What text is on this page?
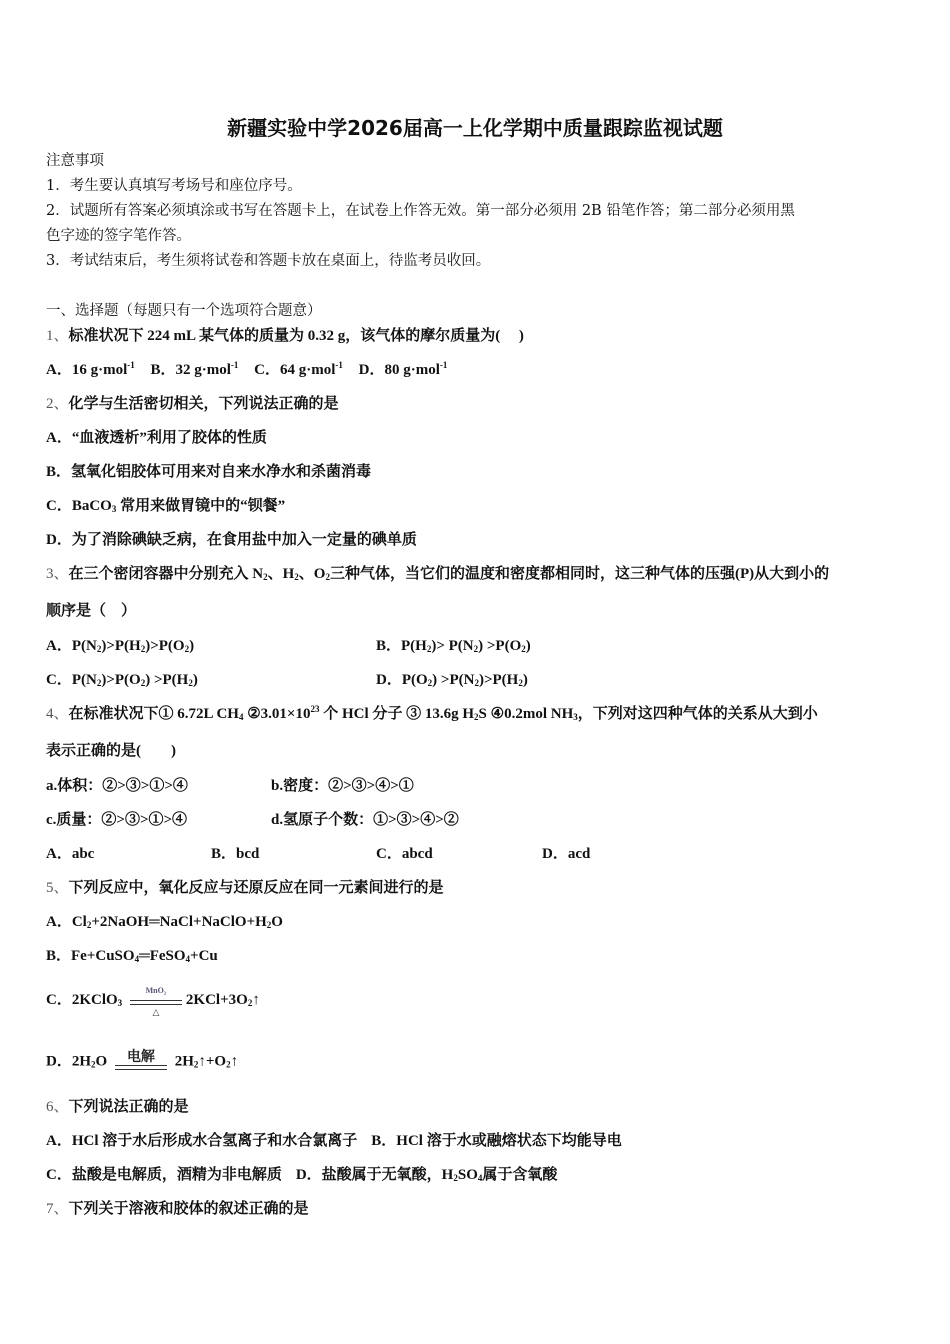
新疆实验中学2026届高一上化学期中质量跟踪监视试题
注意事项
1．考生要认真填写考场号和座位序号。
2．试题所有答案必须填涂或书写在答题卡上，在试卷上作答无效。第一部分必须用 2B 铅笔作答；第二部分必须用黑
色字迹的签字笔作答。
3．考试结束后，考生须将试卷和答题卡放在桌面上，待监考员收回。
一、选择题（每题只有一个选项符合题意）
1、标准状况下 224 mL 某气体的质量为 0.32 g，该气体的摩尔质量为(　 )
A．16 g·mol$^{-1}$ B．32 g·mol$^{-1}$ C．64 g·mol$^{-1}$ D．80 g·mol$^{-1}$
2、化学与生活密切相关，下列说法正确的是
A．“血液透析”利用了胶体的性质
B．氢氧化铝胶体可用来对自来水净水和杀菌消毒
C．BaCO$_3$ 常用来做胃镜中的“钡餐”
D．为了消除碘缺乏病，在食用盐中加入一定量的碘单质
3、在三个密闭容器中分别充入 $N_2$、$H_2$、$O_2$三种气体，当它们的温度和密度都相同时，这三种气体的压强(P)从大到小的
顺序是（　）
A．$P(N_2)>P(H_2)>P(O_2)$	B．$P(H_2)> P(N_2) >P(O_2)$
C．$P(N_2)>P(O_2) >P(H_2)$	D．$P(O_2) >P(N_2)>P(H_2)$
4、在标准状况下① 6.72L $CH_4$ $②3.01\times 10^{23}$ 个 HCl 分子 ③ 13.6g $H_2S$ ④0.2mol $NH_3$，下列对这四种气体的关系从大到小
表示正确的是(　　)
a.体积：②>③>①>④	b.密度：②>③>④>①
c.质量：②>③>①>④	d.氢原子个数：①>③>④>②
A．abc	B．bcd	C．abcd	D．acd
5、下列反应中，氧化反应与还原反应在同一元素间进行的是
A．$Cl_2+2NaOH═NaCl+NaClO+H_2O$
B．Fe+CuSO$_4$═FeSO$_4$+Cu
C．2KClO$_3$
MnO₂
△
$2KCl+3O_2↑$
D．$2H_2O$	电解	$2H_2↑+O_2↑$
6、下列说法正确的是
A．HCl 溶于水后形成水合氢离子和水合氯离子 B．HCl 溶于水或融熔状态下均能导电
C．盐酸是电解质，酒精为非电解质 D．盐酸属于无氧酸，$H_2SO_4$属于含氧酸
7、下列关于溶液和胶体的叙述正确的是
